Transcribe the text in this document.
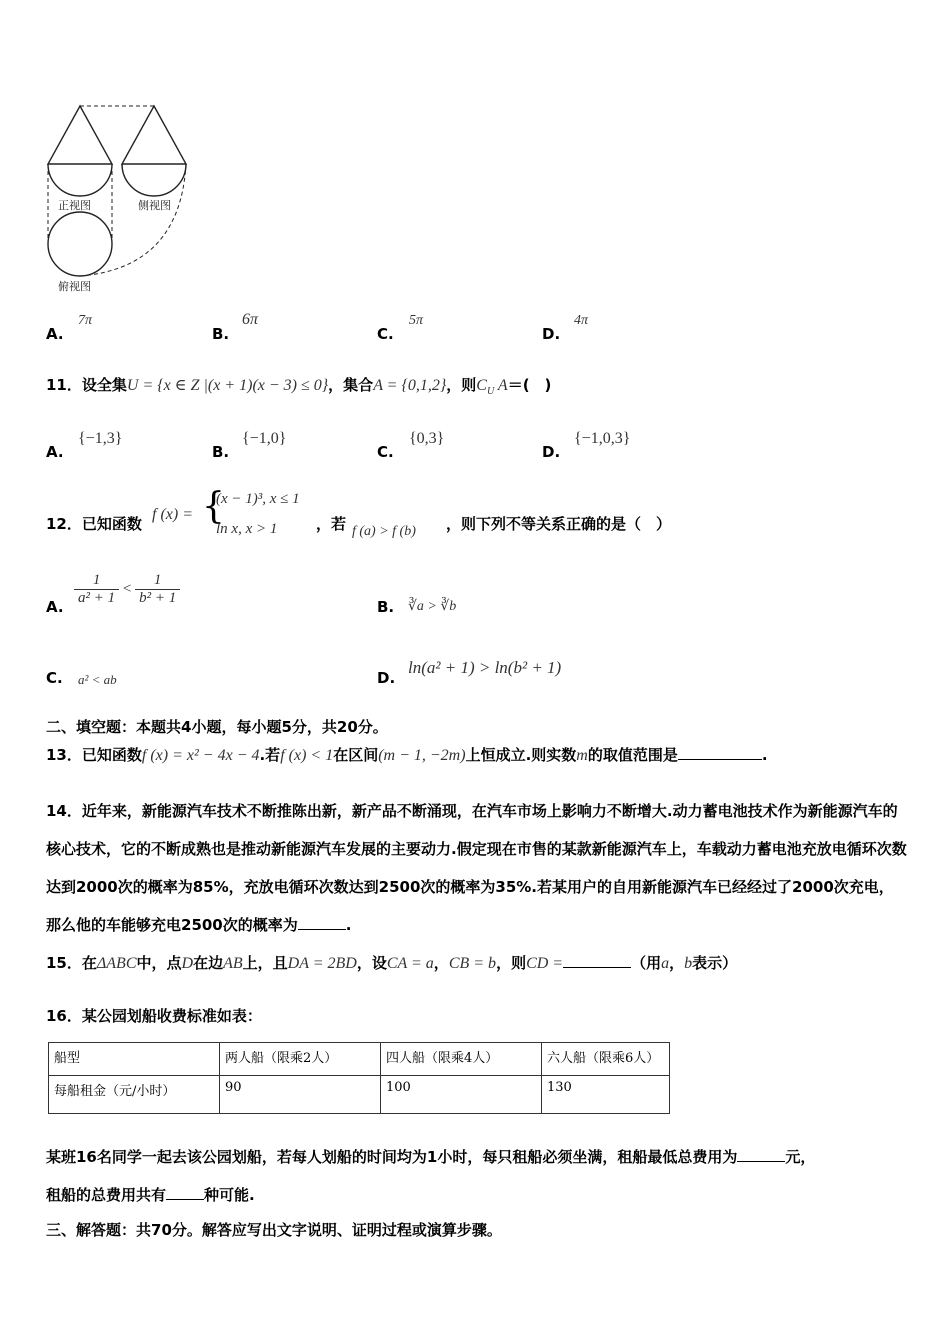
正视图	侧视图
俯视图
A.
7π
B.
6π
C.
5π
D.
4π
11．设全集U = {x ∈ Z |(x + 1)(x − 3) ≤ 0}，集合A = {0,1,2}，则$C_U$ A＝(　)
A.
{−1,3}
B.
{−1,0}
C.
{0,3}
D.
{−1,0,3}
12．已知函数
f (x) = {
(x − 1)³, x ≤ 1
ln x, x > 1	，若 f (a) > f (b) ，则下列不等关系正确的是（　）
A. $\frac{1}{\text{a² + 1}} < \frac{1}{\text{b² + 1}}$	B. ∛a > ∛b
C. a² < ab	D.
ln(a² + 1) > ln(b² + 1)
二、填空题：本题共4小题，每小题5分，共20分。
13．已知函数f (x) = x² − 4x − 4.若f (x) < 1在区间(m − 1, −2m)上恒成立.则实数m的取值范围是	.
14．近年来，新能源汽车技术不断推陈出新，新产品不断涌现，在汽车市场上影响力不断增大.动力蓄电池技术作为新能源汽车的核心技术，它的不断成熟也是推动新能源汽车发展的主要动力.假定现在市售的某款新能源汽车上，车载动力蓄电池充放电循环次数达到2000次的概率为85%，充放电循环次数达到2500次的概率为35%.若某用户的自用新能源汽车已经经过了2000次充电，那么他的车能够充电2500次的概率为	.
15．在ΔABC中，点D在边AB上，且DA = 2BD，设CA = a，CB = b，则CD =	（用a，b表示）
16．某公园划船收费标准如表：
船型	两人船（限乘2人）	四人船（限乘4人）	六人船（限乘6人）
每船租金（元/小时）	90	100	130
某班16名同学一起去该公园划船，若每人划船的时间均为1小时，每只租船必须坐满，租船最低总费用为	元，
租船的总费用共有	种可能.
三、解答题：共70分。解答应写出文字说明、证明过程或演算步骤。
